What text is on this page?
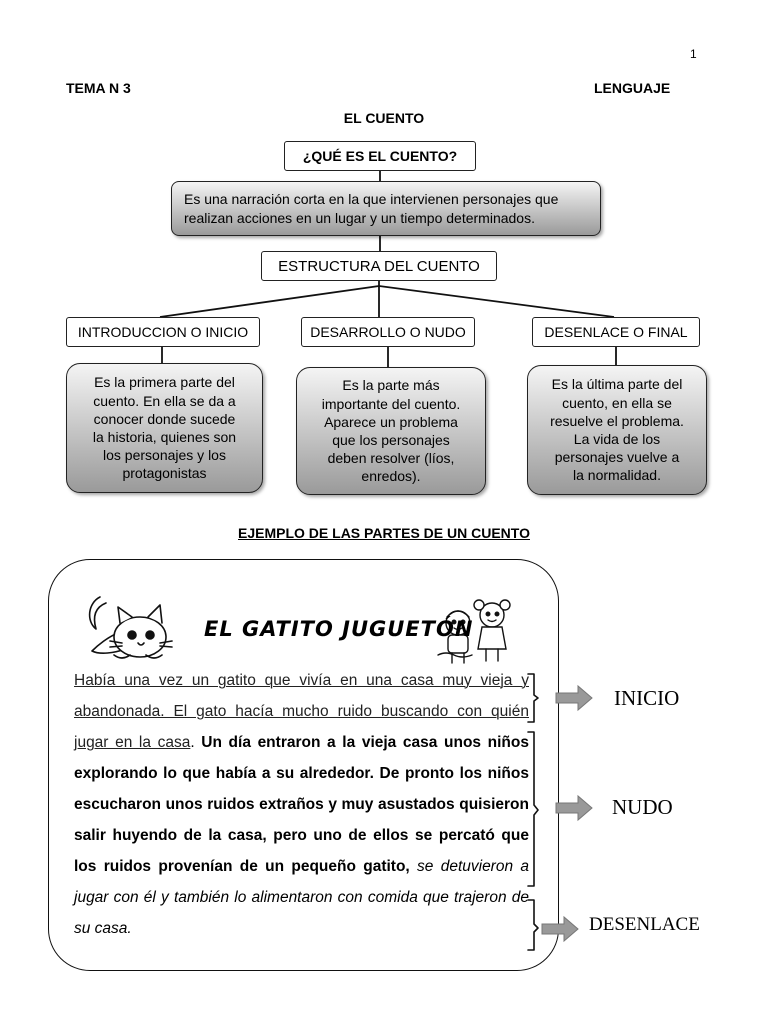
1
TEMA N 3	LENGUAJE
EL CUENTO
¿QUÉ ES EL CUENTO?
Es una narración corta en la que intervienen personajes que
realizan acciones en un lugar y un tiempo determinados.
ESTRUCTURA DEL CUENTO
INTRODUCCION O INICIO	DESARROLLO O NUDO	DESENLACE O FINAL
Es la primera parte del
cuento. En ella se da a
conocer donde sucede
la historia, quienes son
los personajes y los
protagonistas
Es la parte más
importante del cuento.
Aparece un problema
que los personajes
deben resolver (líos,
enredos).
Es la última parte del
cuento, en ella se
resuelve el problema.
La vida de los
personajes vuelve a
la normalidad.
EJEMPLO DE LAS PARTES DE UN CUENTO
EL GATITO JUGUETÓN
Había una vez un gatito que vivía en una casa muy vieja y abandonada. El gato hacía mucho ruido buscando con quién jugar en la casa. Un día entraron a la vieja casa unos niños explorando lo que había a su alrededor. De pronto los niños escucharon unos ruidos extraños y muy asustados quisieron salir huyendo de la casa, pero uno de ellos se percató que los ruidos provenían de un pequeño gatito, se detuvieron a jugar con él y también lo alimentaron con comida que trajeron de su casa.
INICIO
NUDO
DESENLACE
